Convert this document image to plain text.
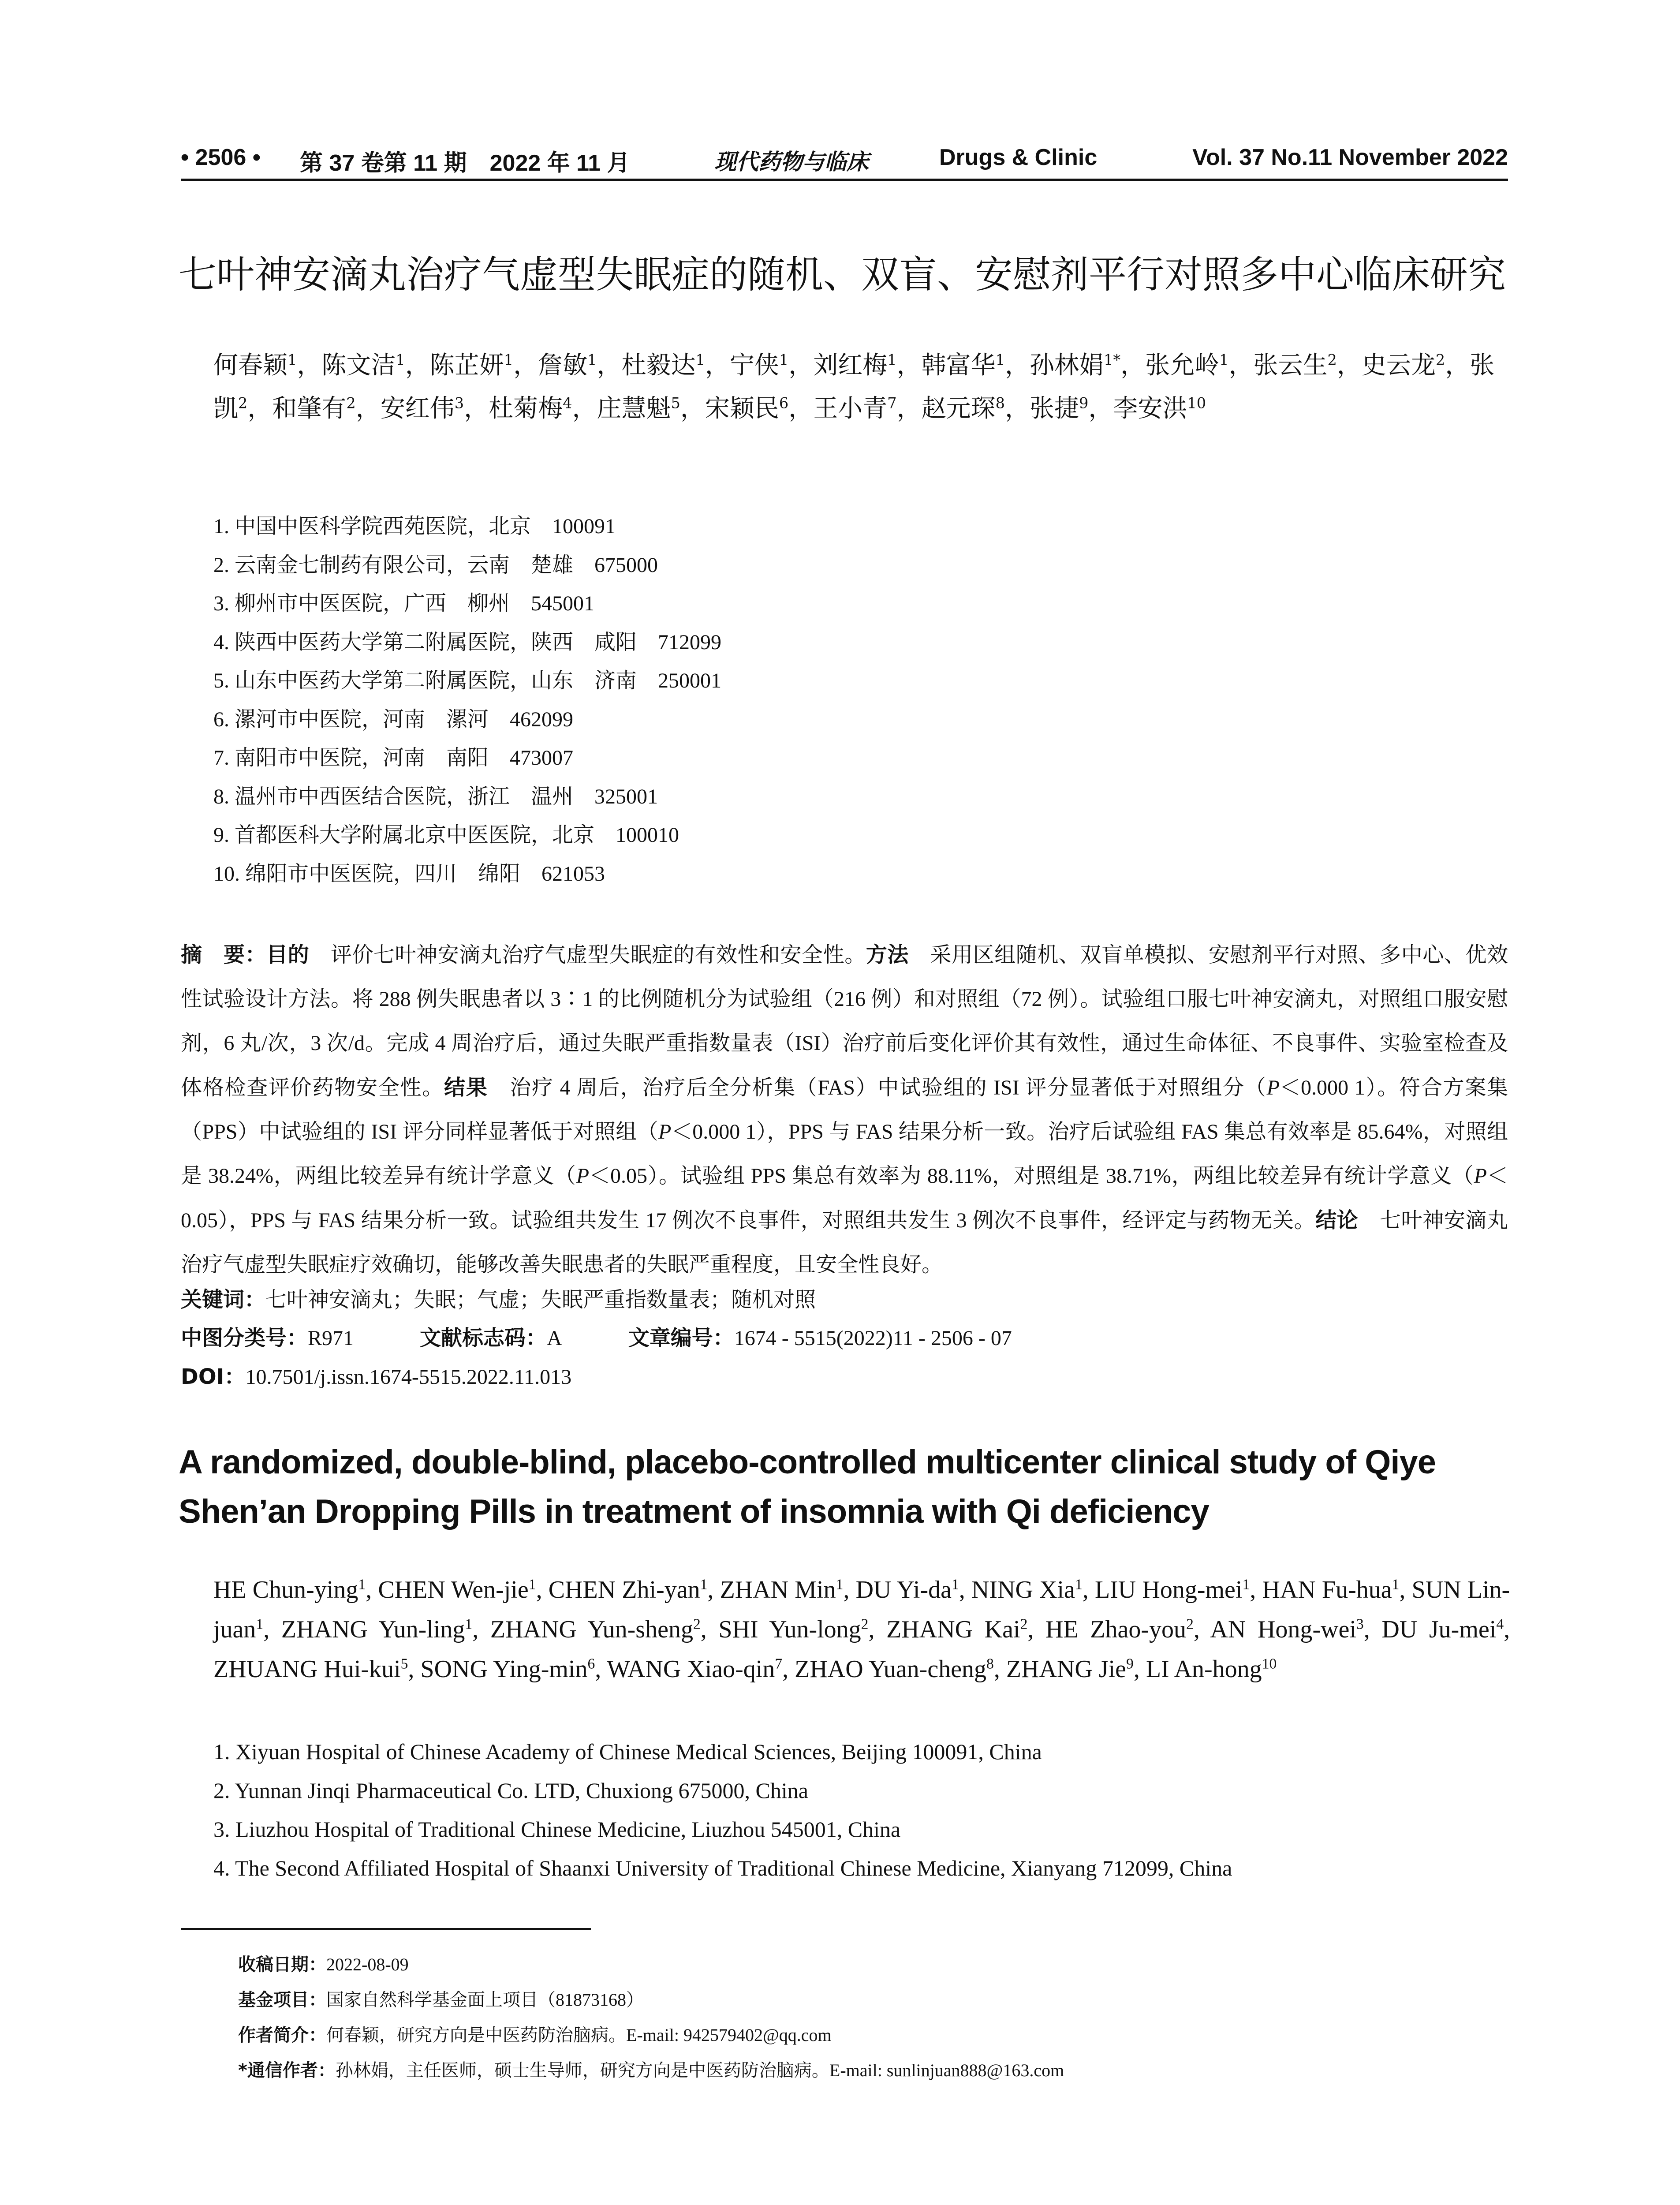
• 2506 • 第 37 卷第 11 期　2022 年 11 月	现代药物与临床	Drugs & Clinic	Vol. 37 No.11 November 2022
七叶神安滴丸治疗气虚型失眠症的随机、双盲、安慰剂平行对照多中心临床研究
何春颖$^1$，陈文洁$^1$，陈芷妍$^1$，詹敏$^1$，杜毅达$^1$，宁侠$^1$，刘红梅$^1$，韩富华$^1$，孙林娟$^{1*}$，张允岭$^1$，张云生$^2$，史云龙$^2$，张凯$^2$，和肇有$^2$，安红伟$^3$，杜菊梅$^4$，庄慧魁$^5$，宋颖民$^6$，王小青$^7$，赵元琛$^8$，张捷$^9$，李安洪$^{10}$
1. 中国中医科学院西苑医院，北京　100091
2. 云南金七制药有限公司，云南　楚雄　675000
3. 柳州市中医医院，广西　柳州　545001
4. 陕西中医药大学第二附属医院，陕西　咸阳　712099
5. 山东中医药大学第二附属医院，山东　济南　250001
6. 漯河市中医院，河南　漯河　462099
7. 南阳市中医院，河南　南阳　473007
8. 温州市中西医结合医院，浙江　温州　325001
9. 首都医科大学附属北京中医医院，北京　100010
10. 绵阳市中医医院，四川　绵阳　621053
摘　要：目的　评价七叶神安滴丸治疗气虚型失眠症的有效性和安全性。方法　采用区组随机、双盲单模拟、安慰剂平行对照、多中心、优效性试验设计方法。将 288 例失眠患者以 3∶1 的比例随机分为试验组（216 例）和对照组（72 例）。试验组口服七叶神安滴丸，对照组口服安慰剂，6 丸/次，3 次/d。完成 4 周治疗后，通过失眠严重指数量表（ISI）治疗前后变化评价其有效性，通过生命体征、不良事件、实验室检查及体格检查评价药物安全性。结果　治疗 4 周后，治疗后全分析集（FAS）中试验组的 ISI 评分显著低于对照组分（P＜0.000 1）。符合方案集（PPS）中试验组的 ISI 评分同样显著低于对照组（P＜0.000 1），PPS 与 FAS 结果分析一致。治疗后试验组 FAS 集总有效率是 85.64%，对照组是 38.24%，两组比较差异有统计学意义（P＜0.05）。试验组 PPS 集总有效率为 88.11%，对照组是 38.71%，两组比较差异有统计学意义（P＜0.05），PPS 与 FAS 结果分析一致。试验组共发生 17 例次不良事件，对照组共发生 3 例次不良事件，经评定与药物无关。结论　七叶神安滴丸治疗气虚型失眠症疗效确切，能够改善失眠患者的失眠严重程度，且安全性良好。
关键词：七叶神安滴丸；失眠；气虚；失眠严重指数量表；随机对照
中图分类号：R971	文献标志码：A	文章编号：1674 - 5515(2022)11 - 2506 - 07
DOI：10.7501/j.issn.1674-5515.2022.11.013
A randomized, double-blind, placebo-controlled multicenter clinical study of Qiye Shen’an Dropping Pills in treatment of insomnia with Qi deficiency
HE Chun-ying$^1$, CHEN Wen-jie$^1$, CHEN Zhi-yan$^1$, ZHAN Min$^1$, DU $Yi-da^1$, NING Xia$^1$, LIU Hong-mei$^1$, HAN Fu-hua$^1$, SUN Lin-juan$^1$, ZHANG Yun-ling$^1$, ZHANG Yun-sheng$^2$, SHI Yun-long$^2$, ZHANG Kai$^2$, HE Zhao-you$^2$, AN Hong-wei$^3$, DU Ju-mei$^4$, ZHUANG Hui-kui$^5$, SONG Ying-$\min^6$, WANG Xiao-qin$^7$, ZHAO Yuan-cheng$^8$, ZHANG Jie$^9$, LI An-hong$^{10}$
1. Xiyuan Hospital of Chinese Academy of Chinese Medical Sciences, Beijing 100091, China
2. Yunnan Jinqi Pharmaceutical Co. LTD, Chuxiong 675000, China
3. Liuzhou Hospital of Traditional Chinese Medicine, Liuzhou 545001, China
4. The Second Affiliated Hospital of Shaanxi University of Traditional Chinese Medicine, Xianyang 712099, China
收稿日期：2022-08-09
基金项目：国家自然科学基金面上项目（81873168）
作者简介：何春颖，研究方向是中医药防治脑病。E-mail: 942579402@qq.com
*通信作者：孙林娟，主任医师，硕士生导师，研究方向是中医药防治脑病。E-mail: sunlinjuan888@163.com
